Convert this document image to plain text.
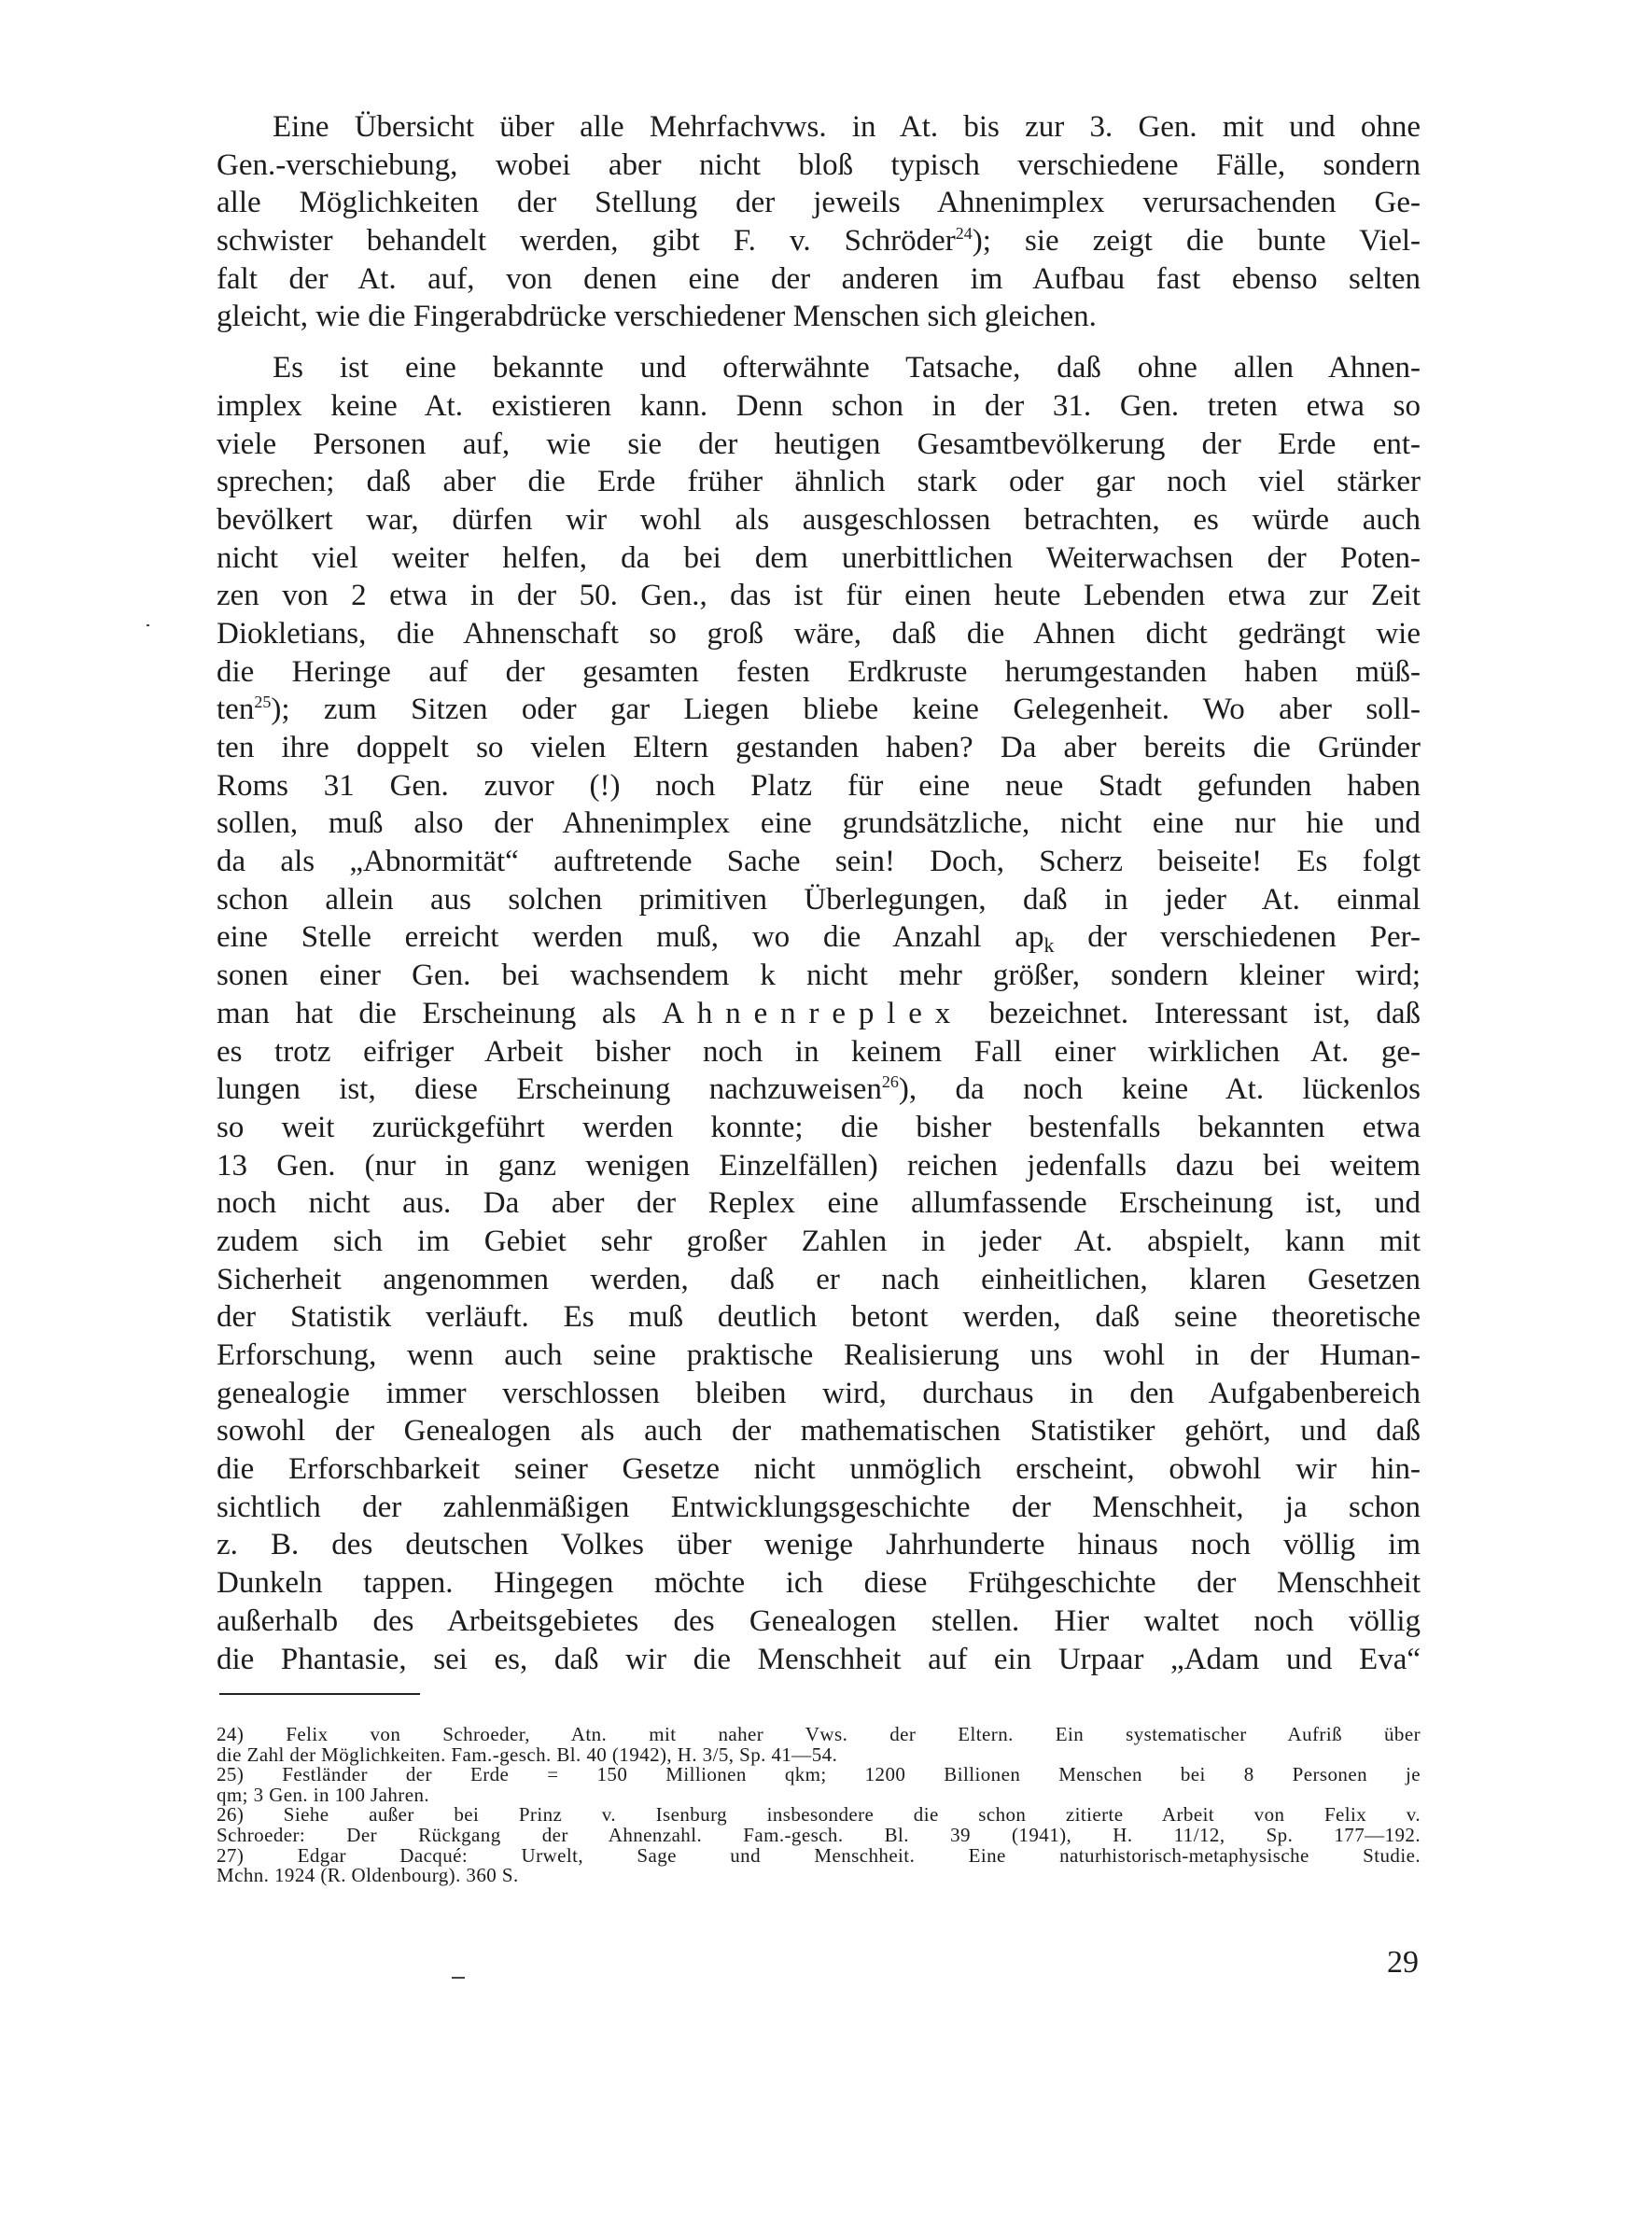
Eine Übersicht über alle Mehrfachvws. in At. bis zur 3. Gen. mit und ohne
Gen.-verschiebung, wobei aber nicht bloß typisch verschiedene Fälle, sondern
alle Möglichkeiten der Stellung der jeweils Ahnenimplex verursachenden Ge-
schwister behandelt werden, gibt F. v. Schröder$^{24}$); sie zeigt die bunte Viel-
falt der At. auf, von denen eine der anderen im Aufbau fast ebenso selten
gleicht, wie die Fingerabdrücke verschiedener Menschen sich gleichen.

Es ist eine bekannte und ofterwähnte Tatsache, daß ohne allen Ahnen-
implex keine At. existieren kann. Denn schon in der 31. Gen. treten etwa so
viele Personen auf, wie sie der heutigen Gesamtbevölkerung der Erde ent-
sprechen; daß aber die Erde früher ähnlich stark oder gar noch viel stärker
bevölkert war, dürfen wir wohl als ausgeschlossen betrachten, es würde auch
nicht viel weiter helfen, da bei dem unerbittlichen Weiterwachsen der Poten-
zen von 2 etwa in der 50. Gen., das ist für einen heute Lebenden etwa zur Zeit
Diokletians, die Ahnenschaft so groß wäre, daß die Ahnen dicht gedrängt wie
die Heringe auf der gesamten festen Erdkruste herumgestanden haben müß-
ten$^{25}$); zum Sitzen oder gar Liegen bliebe keine Gelegenheit. Wo aber soll-
ten ihre doppelt so vielen Eltern gestanden haben? Da aber bereits die Gründer
Roms 31 Gen. zuvor (!) noch Platz für eine neue Stadt gefunden haben
sollen, muß also der Ahnenimplex eine grundsätzliche, nicht eine nur hie und
da als „Abnormität“ auftretende Sache sein! Doch, Scherz beiseite! Es folgt
schon allein aus solchen primitiven Überlegungen, daß in jeder At. einmal
eine Stelle erreicht werden muß, wo die Anzahl $ap_k$ der verschiedenen Per-
sonen einer Gen. bei wachsendem k nicht mehr größer, sondern kleiner wird;
man hat die Erscheinung als Ahnenreplex bezeichnet. Interessant ist, daß
es trotz eifriger Arbeit bisher noch in keinem Fall einer wirklichen At. ge-
lungen ist, diese Erscheinung nachzuweisen$^{26}$), da noch keine At. lückenlos
so weit zurückgeführt werden konnte; die bisher bestenfalls bekannten etwa
13 Gen. (nur in ganz wenigen Einzelfällen) reichen jedenfalls dazu bei weitem
noch nicht aus. Da aber der Replex eine allumfassende Erscheinung ist, und
zudem sich im Gebiet sehr großer Zahlen in jeder At. abspielt, kann mit
Sicherheit angenommen werden, daß er nach einheitlichen, klaren Gesetzen
der Statistik verläuft. Es muß deutlich betont werden, daß seine theoretische
Erforschung, wenn auch seine praktische Realisierung uns wohl in der Human-
genealogie immer verschlossen bleiben wird, durchaus in den Aufgabenbereich
sowohl der Genealogen als auch der mathematischen Statistiker gehört, und daß
die Erforschbarkeit seiner Gesetze nicht unmöglich erscheint, obwohl wir hin-
sichtlich der zahlenmäßigen Entwicklungsgeschichte der Menschheit, ja schon
z. B. des deutschen Volkes über wenige Jahrhunderte hinaus noch völlig im
Dunkeln tappen. Hingegen möchte ich diese Frühgeschichte der Menschheit
außerhalb des Arbeitsgebietes des Genealogen stellen. Hier waltet noch völlig
die Phantasie, sei es, daß wir die Menschheit auf ein Urpaar „Adam und Eva“

24) Felix von Schroeder, Atn. mit naher Vws. der Eltern. Ein systematischer Aufriß über
die Zahl der Möglichkeiten. Fam.-gesch. Bl. 40 (1942), H. 3/5, Sp. 41—54.
25) Festländer der Erde = 150 Millionen qkm; 1200 Billionen Menschen bei 8 Personen je
qm; 3 Gen. in 100 Jahren.
26) Siehe außer bei Prinz v. Isenburg insbesondere die schon zitierte Arbeit von Felix v.
Schroeder: Der Rückgang der Ahnenzahl. Fam.-gesch. Bl. 39 (1941), H. 11/12, Sp. 177—192.
27) Edgar Dacqué: Urwelt, Sage und Menschheit. Eine naturhistorisch-metaphysische Studie.
Mchn. 1924 (R. Oldenbourg). 360 S.
29
